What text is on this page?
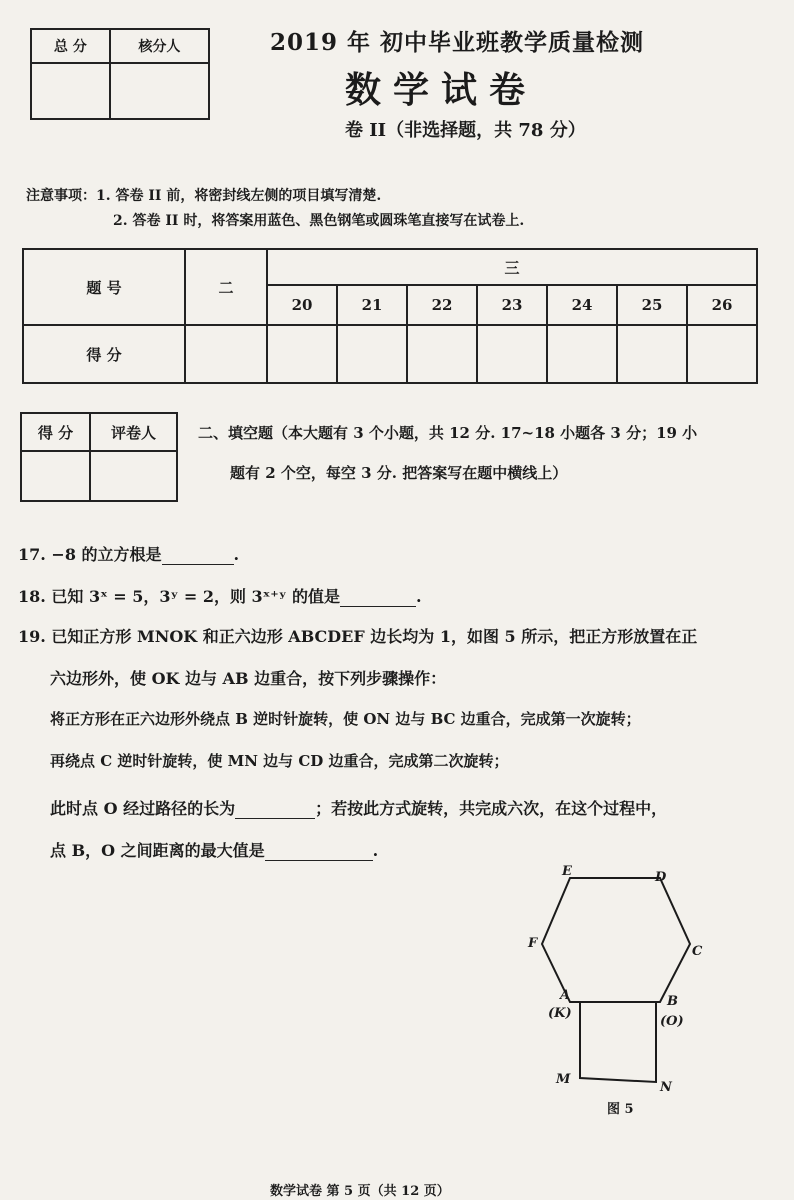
总 分	核分人
		2019 年 初中毕业班教学质量检测
数学试卷
卷 II（非选择题，共 78 分）
注意事项：1. 答卷 II 前，将密封线左侧的项目填写清楚.
2. 答卷 II 时，将答案用蓝色、黑色钢笔或圆珠笔直接写在试卷上.
题 号	二	三						
		20	21	22	23	24	25	26
得 分								
得 分	评卷人
		二、填空题（本大题有 3 个小题，共 12 分. 17~18 小题各 3 分；19 小
题有 2 个空，每空 3 分. 把答案写在题中横线上）
17. −8 的立方根是	.
18. 已知 3ˣ = 5，3ʸ = 2，则 3ˣ⁺ʸ 的值是	.
19. 已知正方形 MNOK 和正六边形 ABCDEF 边长均为 1，如图 5 所示，把正方形放置在正
六边形外，使 OK 边与 AB 边重合，按下列步骤操作：
将正方形在正六边形外绕点 B 逆时针旋转，使 ON 边与 BC 边重合，完成第一次旋转；
再绕点 C 逆时针旋转，使 MN 边与 CD 边重合，完成第二次旋转；
此时点 O 经过路径的长为	；若按此方式旋转，共完成六次，在这个过程中，
点 B，O 之间距离的最大值是	.
E	D
F
C
A
(K)
B
(O)
M
N
图 5
数学试卷 第 5 页（共 12 页）
